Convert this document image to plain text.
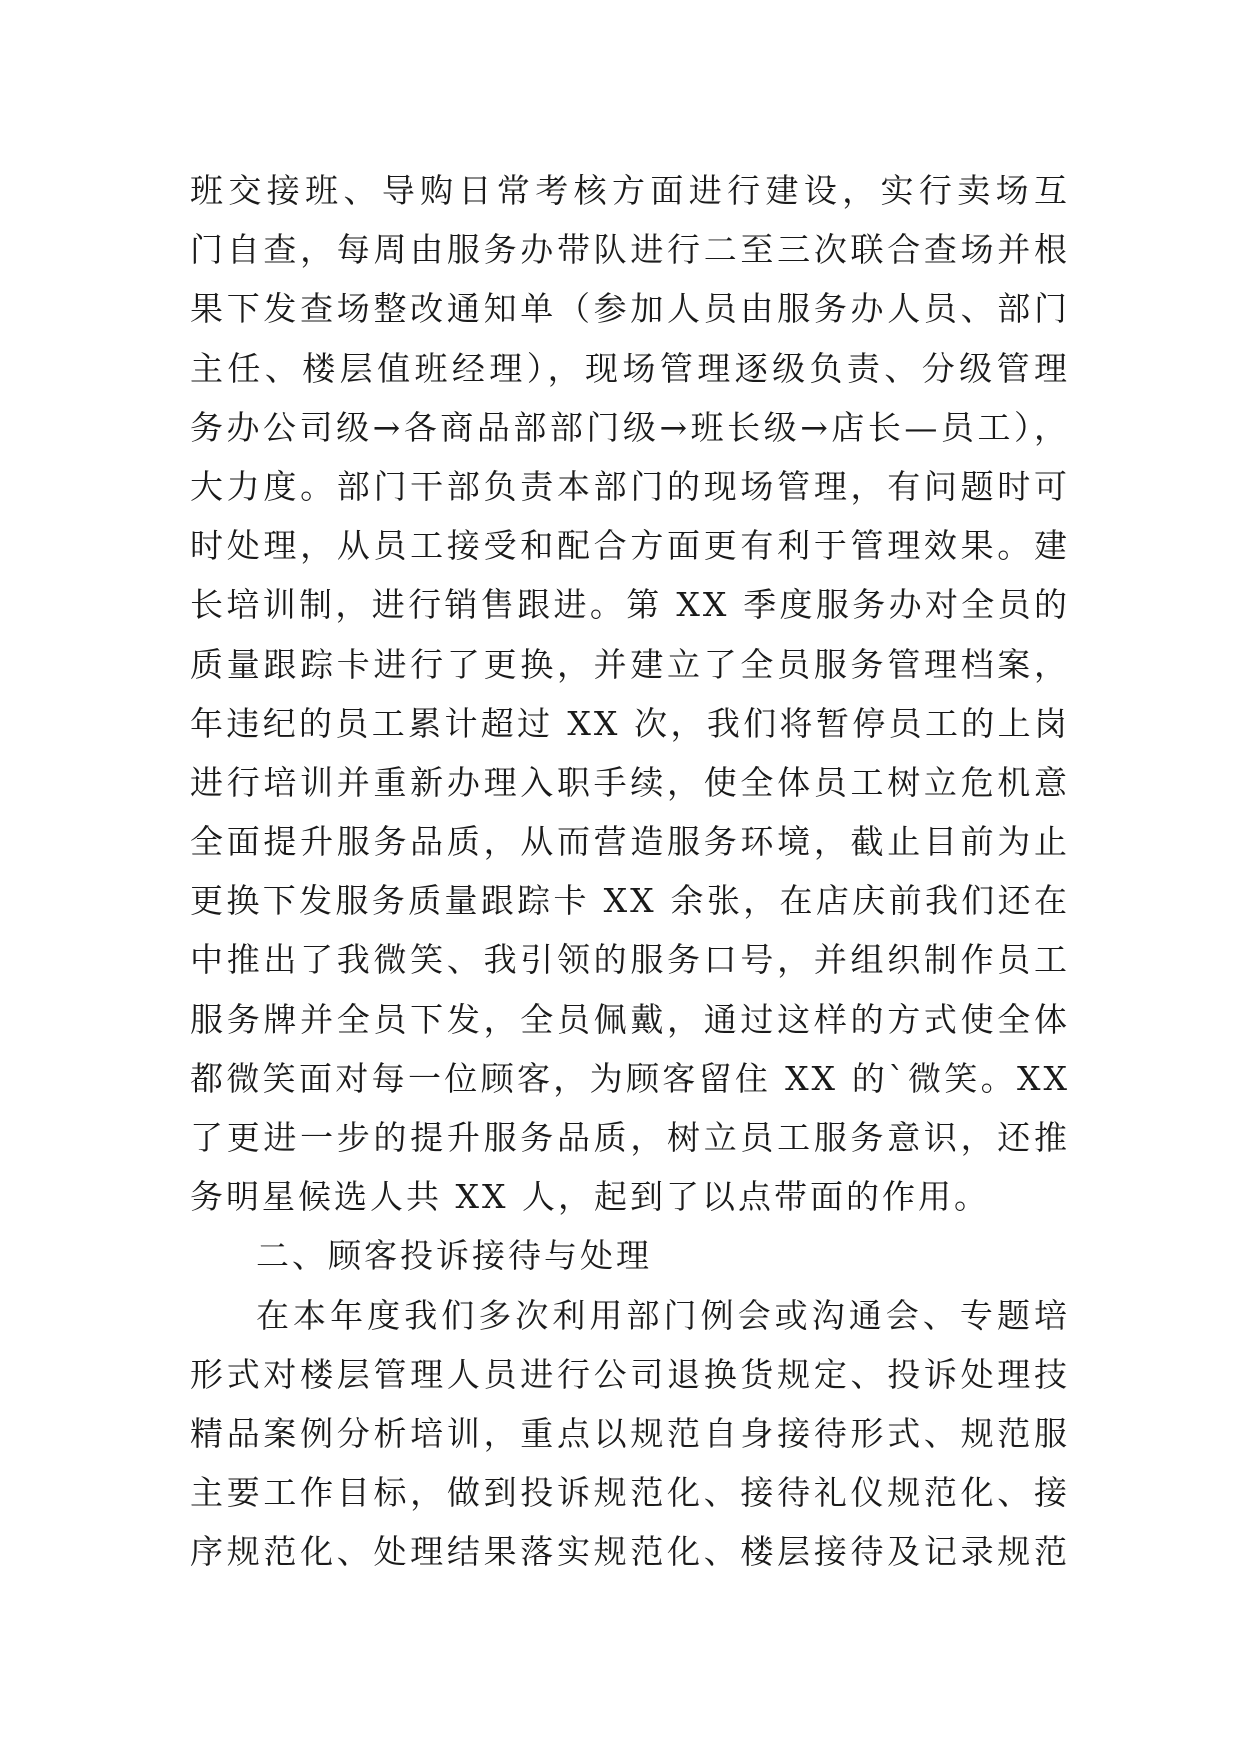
班交接班、导购日常考核方面进行建设，实行卖场互
门自查，每周由服务办带队进行二至三次联合查场并根
果下发查场整改通知单（参加人员由服务办人员、部门
主任、楼层值班经理），现场管理逐级负责、分级管理
务办公司级→各商品部部门级→班长级→店长—员工），
大力度。部门干部负责本部门的现场管理，有问题时可
时处理，从员工接受和配合方面更有利于管理效果。建
长培训制，进行销售跟进。第 XX 季度服务办对全员的
质量跟踪卡进行了更换，并建立了全员服务管理档案，
年违纪的员工累计超过 XX 次，我们将暂停员工的上岗
进行培训并重新办理入职手续，使全体员工树立危机意
全面提升服务品质，从而营造服务环境，截止目前为止
更换下发服务质量跟踪卡 XX 余张，在店庆前我们还在
中推出了我微笑、我引领的服务口号，并组织制作员工
服务牌并全员下发，全员佩戴，通过这样的方式使全体
都微笑面对每一位顾客，为顾客留住 XX 的`微笑。XX
了更进一步的提升服务品质，树立员工服务意识，还推
务明星候选人共 XX 人，起到了以点带面的作用。
二、顾客投诉接待与处理
在本年度我们多次利用部门例会或沟通会、专题培
形式对楼层管理人员进行公司退换货规定、投诉处理技
精品案例分析培训，重点以规范自身接待形式、规范服
主要工作目标，做到投诉规范化、接待礼仪规范化、接
序规范化、处理结果落实规范化、楼层接待及记录规范
